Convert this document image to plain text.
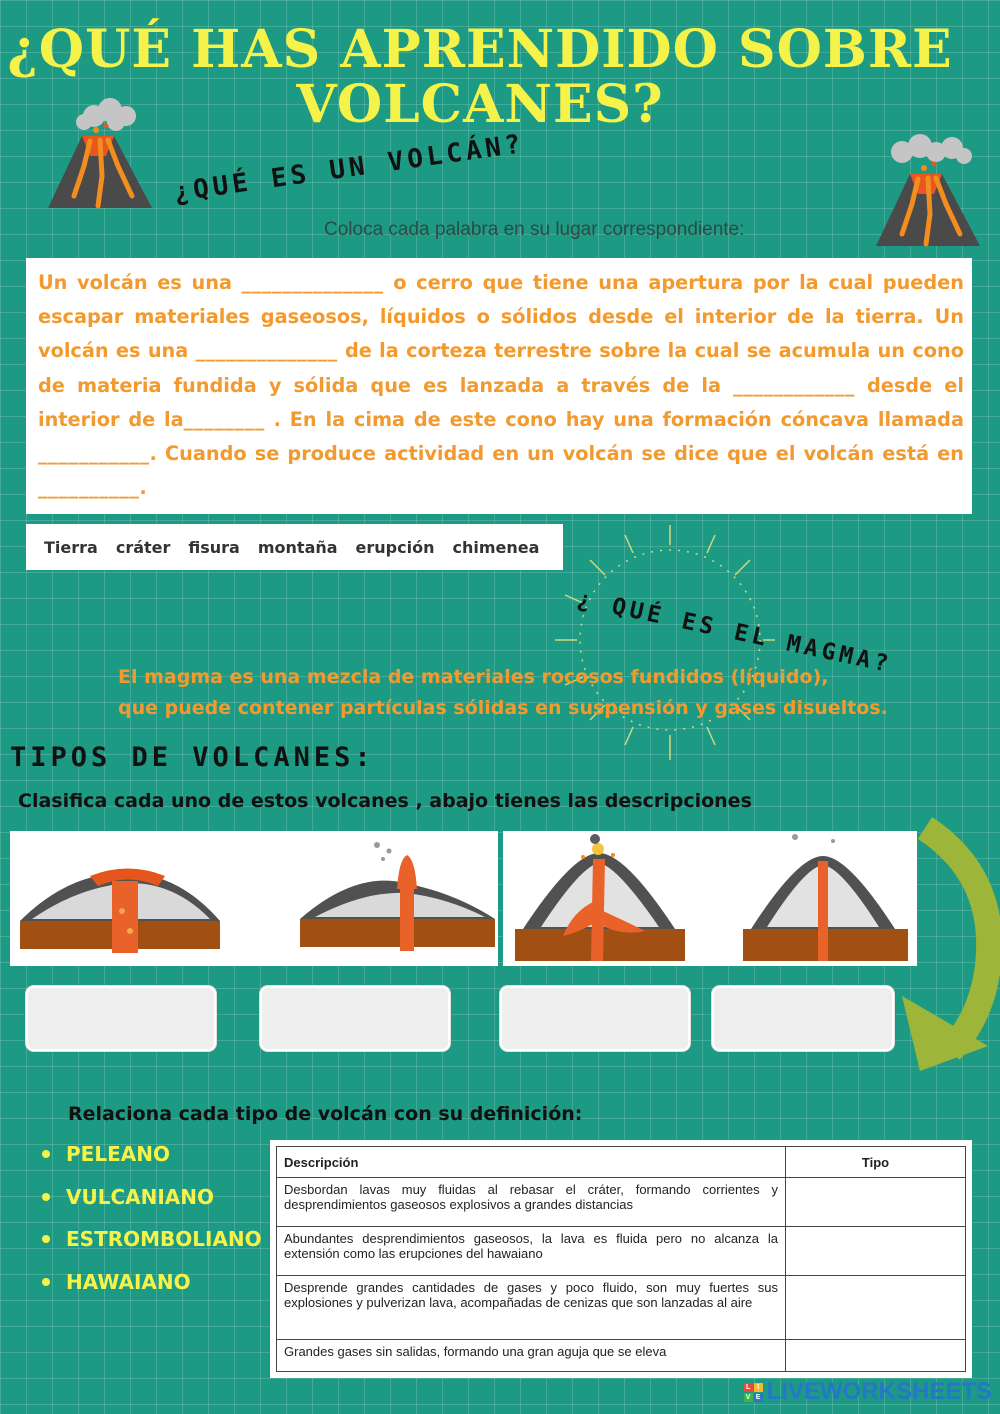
¿QUÉ HAS APRENDIDO SOBRE VOLCANES?
¿QUÉ ES UN VOLCÁN?
Coloca cada palabra en su lugar correspondiente:
Un volcán es una ______________ o cerro que tiene una apertura por la cual pueden escapar materiales gaseosos, líquidos o sólidos desde el interior de la tierra. Un volcán es una ______________ de la corteza terrestre sobre la cual se acumula un cono de materia fundida y sólida que es lanzada a través de la ____________ desde el interior de la________ . En la cima de este cono hay una formación cóncava llamada ___________. Cuando se produce actividad en un volcán se dice que el volcán está en __________.
Tierra cráter fisura montaña erupción chimenea
¿ QUÉ ES EL MAGMA?
El magma es una mezcla de materiales rocosos fundidos (líquido),
que puede contener partículas sólidas en suspensión y gases disueltos.
TIPOS DE VOLCANES:
Clasifica cada uno de estos volcanes , abajo tienes las descripciones
Relaciona cada tipo de volcán con su definición:
PELEANO
VULCANIANO
ESTROMBOLIANO
HAWAIANO
Descripción	Tipo
Desbordan lavas muy fluidas al rebasar el cráter, formando corrientes y desprendimientos gaseosos explosivos a grandes distancias	
Abundantes desprendimientos gaseosos, la lava es fluida pero no alcanza la extensión como las erupciones del hawaiano	
Desprende grandes cantidades de gases y poco fluido, son muy fuertes sus explosiones y pulverizan lava, acompañadas de cenizas que son lanzadas al aire	
Grandes gases sin salidas, formando una gran aguja que se eleva	
L I
V E LIVEWORKSHEETS
